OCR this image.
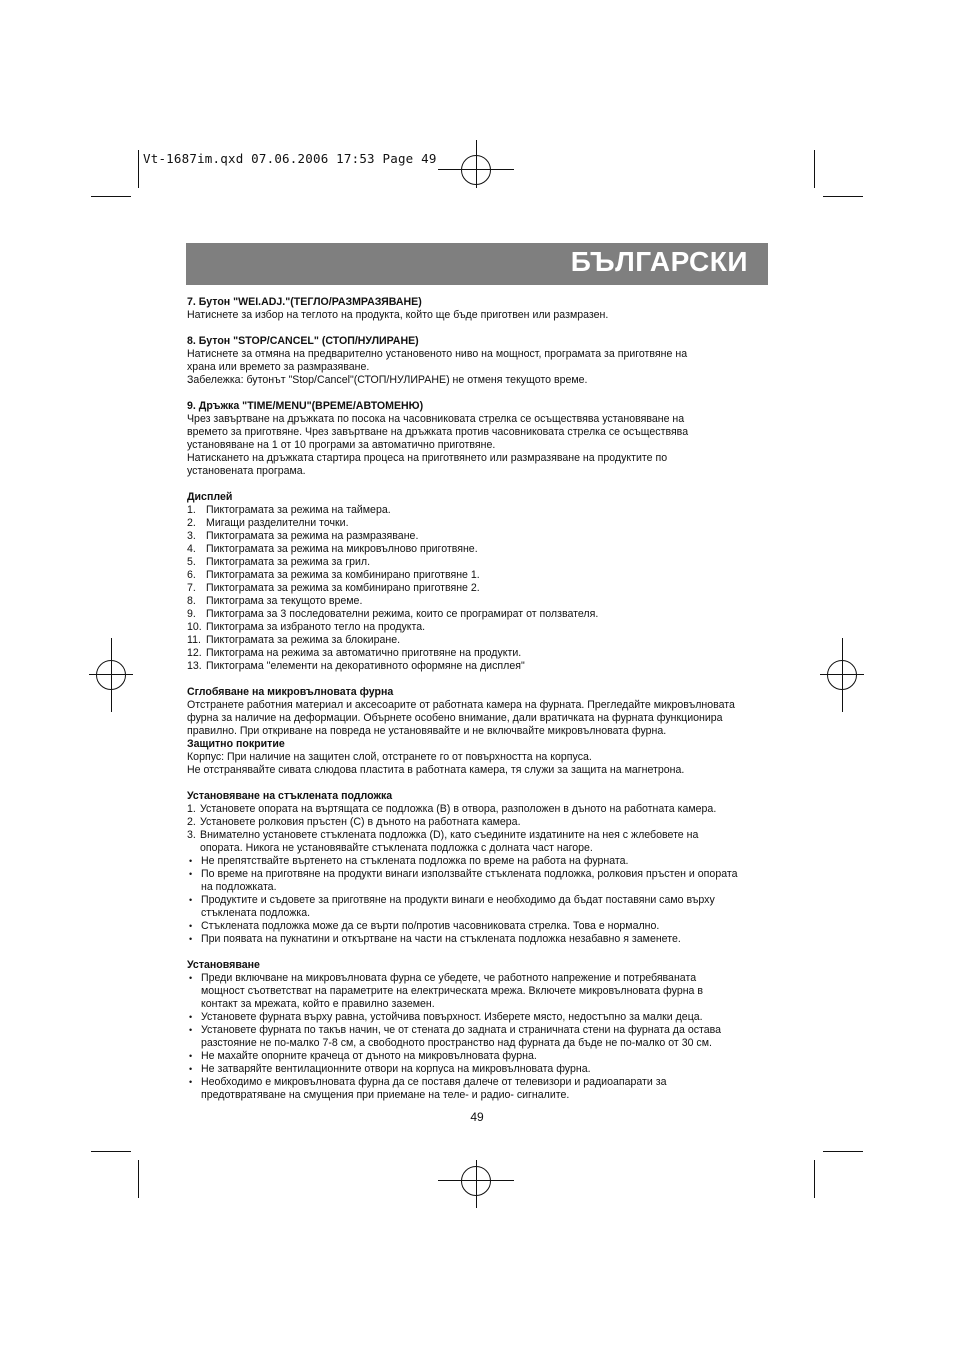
Vt-1687im.qxd 07.06.2006 17:53 Page 49
БЪЛГАРСКИ

7. Бутон "WEI.ADJ."(ТЕГЛО/РАЗМРАЗЯВАНЕ)

Натиснете за избор на теглото на продукта, който ще бъде приготвен или размразен.

8. Бутон "STOP/CANCEL" (СТОП/НУЛИРАНЕ)

Натиснете за отмяна на предварително установеното ниво на мощност, програмата за приготвяне на

храна или времето за размразяване.

Забележка: бутонът "Stop/Cancel"(СТОП/НУЛИРАНЕ) не отменя текущото време.

9. Дръжка "TIME/MENU"(ВРЕМЕ/АВТОМЕНЮ)

Чрез завъртване на дръжката по посока на часовниковата стрелка се осъществява установяване на

времето за приготвяне. Чрез завъртване на дръжката против часовниковата стрелка се осъществява

установяване на 1 от 10 програми за автоматично приготвяне.

Натискането на дръжката стартира процеса на приготвянето или размразяване на продуктите по

установената програма.

Дисплей

1. Пиктограмата за режима на таймера.
2. Мигащи разделителни точки.
3. Пиктограмата за режима на размразяване.
4. Пиктограмата за режима на микровълново приготвяне.
5. Пиктограмата за режима за грил.
6. Пиктограмата за режима за комбинирано приготвяне 1.
7. Пиктограмата за режима за комбинирано приготвяне 2.
8. Пиктограма за текущото време.
9. Пиктограма за 3 последователни режима, които се програмират от ползвателя.
10. Пиктограма за избраното тегло на продукта.
11. Пиктограмата за режима за блокиране.
12. Пиктограма на режима за автоматично приготвяне на продукти.
13. Пиктограма "елементи на декоративното оформяне на дисплея"

Сглобяване на микровълновата фурна

Отстранете работния материал и аксесоарите от работната камера на фурната. Прегледайте микровълновата

фурна за наличие на деформации. Обърнете особено внимание, дали вратичката на фурната функционира

правилно. При откриване на повреда не установявайте и не включвайте микровълновата фурна.

Защитно покритие

Корпус: При наличие на защитен слой, отстранете го от повърхността на корпуса.

Не отстранявайте сивата слюдова пластита в работната камера, тя служи за защита на магнетрона.

Установяване на стъклената подложка

1. Установете опората на въртящата се подложка (B) в отвора, разположен в дъното на работната камера.
2. Установете ролковия пръстен (C) в дъното на работната камера.
3. Внимателно установете стъклената подложка (D), като съедините издатините на нея с жлебовете на
опората. Никога не установявайте стъклената подложка с долната част нагоре.
• Не препятствайте въртенето на стъклената подложка по време на работа на фурната.
• По време на приготвяне на продукти винаги използвайте стъклената подложка, ролковия пръстен и опората
на подложката.
• Продуктите и съдовете за приготвяне на продукти винаги е необходимо да бъдат поставяни само върху
стъклената подложка.
• Стъклената подложка може да се върти по/против часовниковата стрелка. Това е нормално.
• При появата на пукнатини и откъртване на части на стъклената подложка незабавно я заменете.

Установяване

• Преди включване на микровълновата фурна се убедете, че работното напрежение и потребяваната
мощност съответстват на параметрите на електрическата мрежа. Включете микровълновата фурна в
контакт за мрежата, който е правилно заземен.
• Установете фурната върху равна, устойчива повърхност. Изберете място, недостъпно за малки деца.
• Установете фурната по такъв начин, че от стената до задната и страничната стени на фурната да остава
разстояние не по-малко 7-8 см, а свободното пространство над фурната да бъде не по-малко от 30 см.
• Не махайте опорните крачеца от дъното на микровълновата фурна.
• Не затваряйте вентилационните отвори на корпуса на микровълновата фурна.
• Необходимо е микровълновата фурна да се поставя далече от телевизори и радиоапарати за
предотвратяване на смущения при приемане на теле- и радио- сигналите.
49
